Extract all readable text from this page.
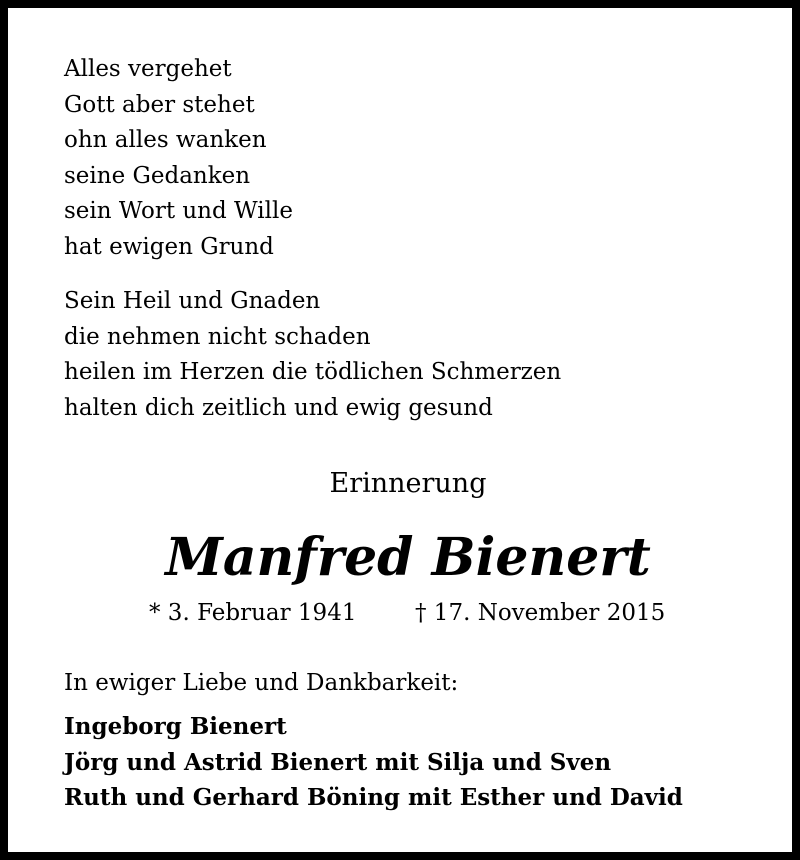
Alles vergehet
Gott aber stehet
ohn alles wanken
seine Gedanken
sein Wort und Wille
hat ewigen Grund
Sein Heil und Gnaden
die nehmen nicht schaden
heilen im Herzen die tödlichen Schmerzen
halten dich zeitlich und ewig gesund
Erinnerung
Manfred Bienert
* 3. Februar 1941	† 17. November 2015
In ewiger Liebe und Dankbarkeit:
Ingeborg Bienert
Jörg und Astrid Bienert mit Silja und Sven
Ruth und Gerhard Böning mit Esther und David
